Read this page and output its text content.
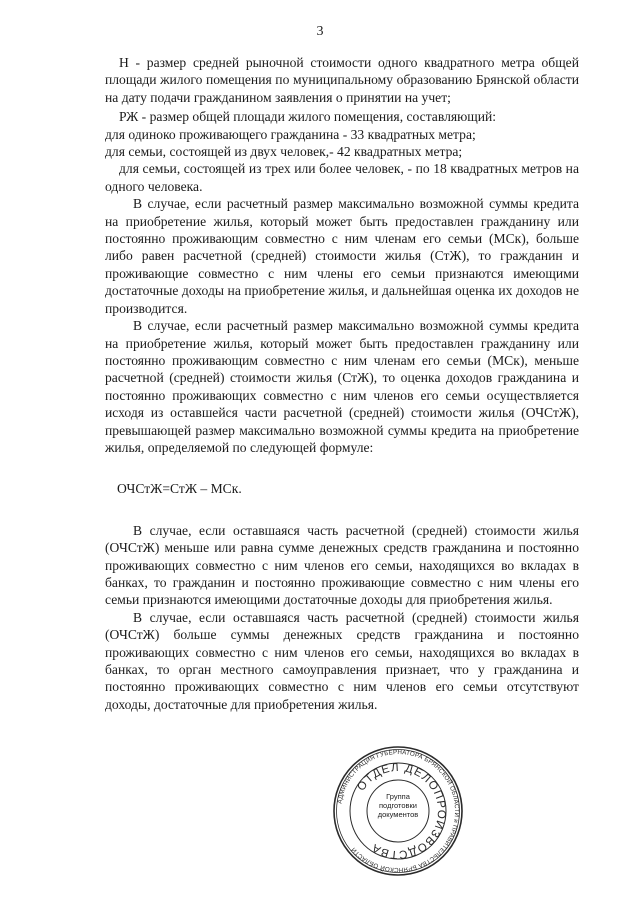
3

Н - размер средней рыночной стоимости одного квадратного метра общей площади жилого помещения по муниципальному образованию Брянской области на дату подачи гражданином заявления о принятии на учет;

РЖ - размер общей площади жилого помещения, составляющий:

для одиноко проживающего гражданина - 33 квадратных метра;

для семьи, состоящей из двух человек,- 42 квадратных метра;

для семьи, состоящей из трех или более человек, - по 18 квадратных метров на одного человека.

В случае, если расчетный размер максимально возможной суммы кредита на приобретение жилья, который может быть предоставлен гражданину или постоянно проживающим совместно с ним членам его семьи (МСк), больше либо равен расчетной (средней) стоимости жилья (СтЖ), то гражданин и проживающие совместно с ним члены его семьи признаются имеющими достаточные доходы на приобретение жилья, и дальнейшая оценка их доходов не производится.

В случае, если расчетный размер максимально возможной суммы кредита на приобретение жилья, который может быть предоставлен гражданину или постоянно проживающим совместно с ним членам его семьи (МСк), меньше расчетной (средней) стоимости жилья (СтЖ), то оценка доходов гражданина и постоянно проживающих совместно с ним членов его семьи осуществляется исходя из оставшейся части расчетной (средней) стоимости жилья (ОЧСтЖ), превышающей размер максимально возможной суммы кредита на приобретение жилья, определяемой по следующей формуле:

ОЧСтЖ=СтЖ – МСк.

В случае, если оставшаяся часть расчетной (средней) стоимости жилья (ОЧСтЖ) меньше или равна сумме денежных средств гражданина и постоянно проживающих совместно с ним членов его семьи, находящихся во вкладах в банках, то гражданин и постоянно проживающие совместно с ним члены его семьи признаются имеющими достаточные доходы для приобретения жилья.

В случае, если оставшаяся часть расчетной (средней) стоимости жилья (ОЧСтЖ) больше суммы денежных средств гражданина и постоянно проживающих совместно с ним членов его семьи, находящихся во вкладах в банках, то орган местного самоуправления признает, что у гражданина и постоянно проживающих совместно с ним членов его семьи отсутствуют доходы, достаточные для приобретения жилья.

АДМИНИСТРАЦИЯ ГУБЕРНАТОРА БРЯНСКОЙ ОБЛАСТИ и ПРАВИТЕЛЬСТВА БРЯНСКОЙ ОБЛАСТИ
ОТДЕЛ ДЕЛОПРОИЗВОДСТВА
Группа
подготовки
документов
